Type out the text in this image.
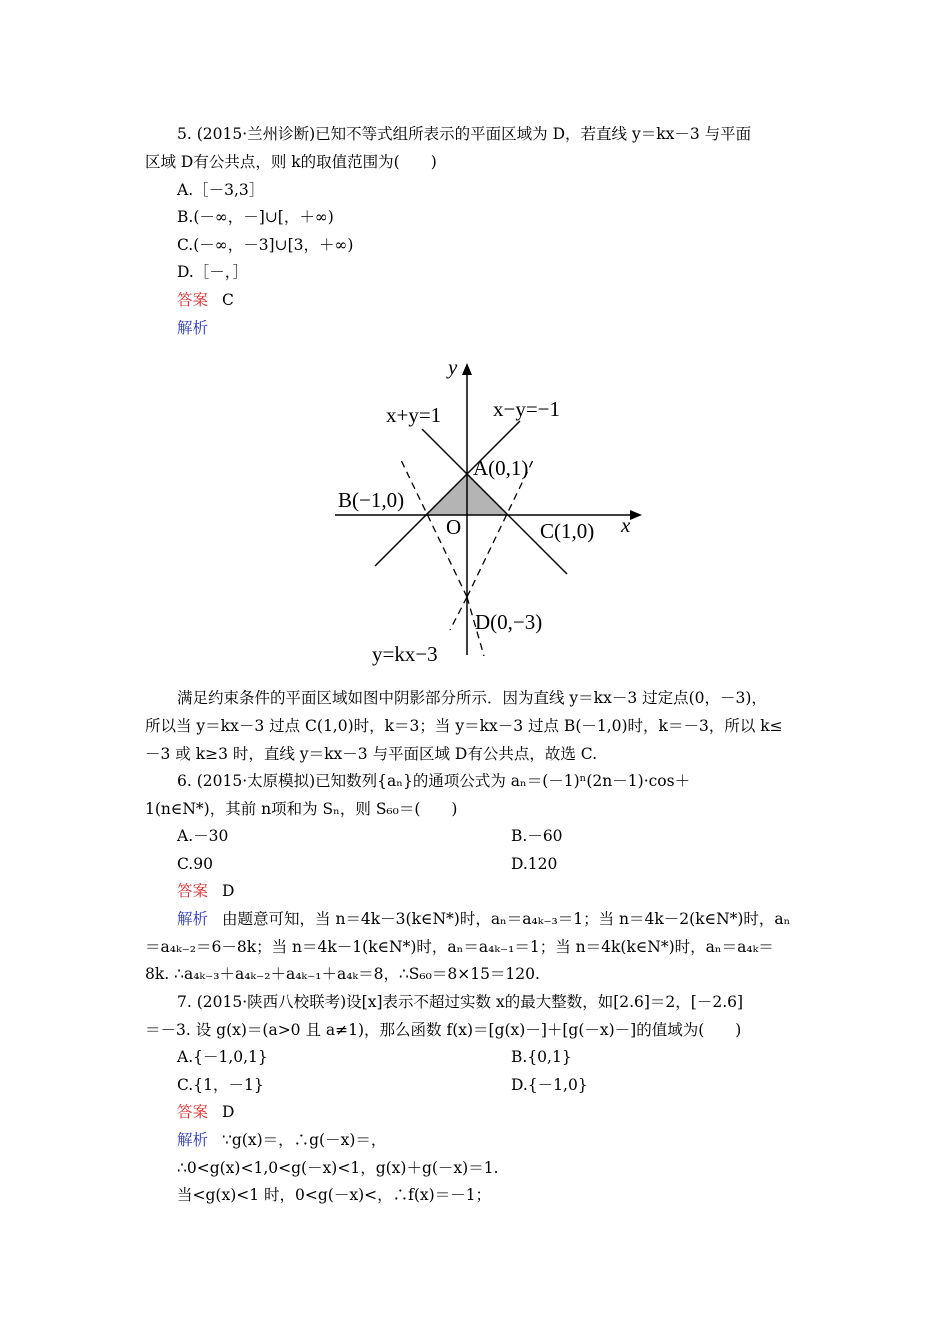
5. (2015·兰州诊断)已知不等式组所表示的平面区域为 D，若直线 y＝kx－3 与平面
区域 D有公共点，则 k的取值范围为(　　)
A.［－3,3］
B.(－∞，－]∪[，＋∞)
C.(－∞，－3]∪[3，＋∞)
D.［－，］
答案 C
解析
y
x
x+y=1 x−y=−1
A(0,1)
B(−1,0)
O	C(1,0)
D(0,−3)
y=kx−3
满足约束条件的平面区域如图中阴影部分所示．因为直线 y＝kx－3 过定点(0，－3)，
所以当 y＝kx－3 过点 C(1,0)时，k＝3；当 y＝kx－3 过点 B(－1,0)时，k＝－3，所以 k≤
－3 或 k≥3 时，直线 y＝kx－3 与平面区域 D有公共点，故选 C.
6. (2015·太原模拟)已知数列{aₙ}的通项公式为 aₙ＝(－1)ⁿ(2n－1)·cos＋
1(n∈N*)，其前 n项和为 Sₙ，则 S₆₀＝(　　)
A.－30	B.－60
C.90	D.120
答案 D
解析 由题意可知，当 n＝4k－3(k∈N*)时，aₙ＝a₄ₖ₋₃＝1；当 n＝4k－2(k∈N*)时，aₙ
＝a₄ₖ₋₂＝6－8k；当 n＝4k－1(k∈N*)时，aₙ＝a₄ₖ₋₁＝1；当 n＝4k(k∈N*)时，aₙ＝a₄ₖ＝
8k. ∴a₄ₖ₋₃＋a₄ₖ₋₂＋a₄ₖ₋₁＋a₄ₖ＝8，∴S₆₀＝8×15＝120.
7. (2015·陕西八校联考)设[x]表示不超过实数 x的最大整数，如[2.6]＝2，[－2.6]
＝－3. 设 g(x)＝(a>0 且 a≠1)，那么函数 f(x)＝[g(x)－]＋[g(－x)－]的值域为(　　)
A.{－1,0,1}	B.{0,1}
C.{1，－1}	D.{－1,0}
答案 D
解析 ∵g(x)＝，∴g(－x)＝，
∴0<g(x)<1,0<g(－x)<1，g(x)＋g(－x)＝1.
当<g(x)<1 时，0<g(－x)<，∴f(x)＝－1；
